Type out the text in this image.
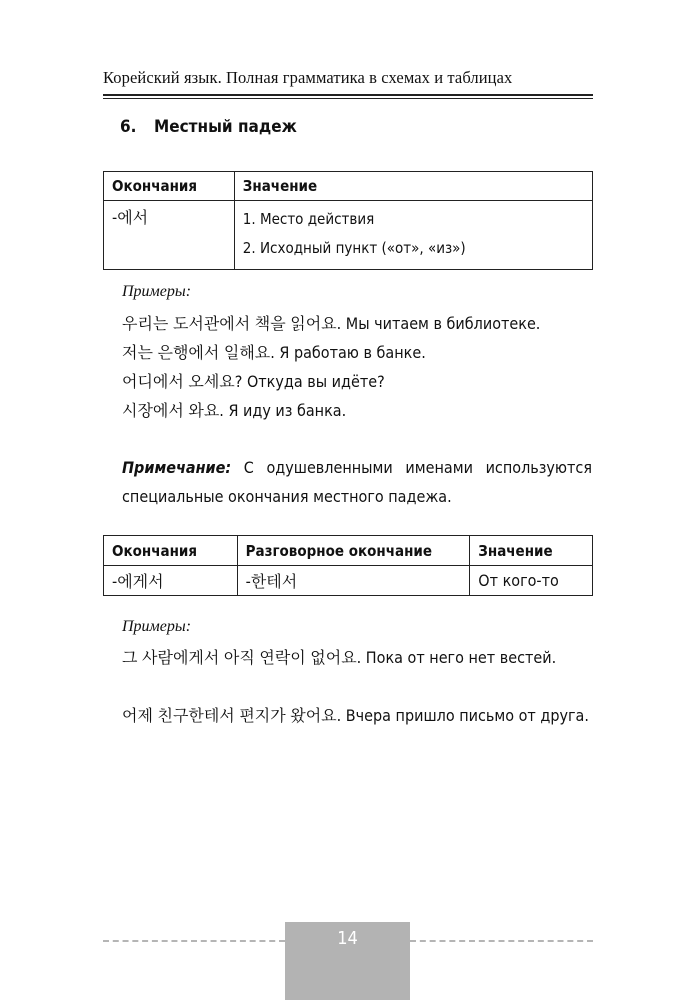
Корейский язык. Полная грамматика в схемах и таблицах
6. Местный падеж
Окончания	Значение
-에서	1. Место действия
2. Исходный пункт («от», «из»)
Примеры:
우리는 도서관에서 책을 읽어요. Мы читаем в библиотеке.
저는 은행에서 일해요. Я работаю в банке.
어디에서 오세요? Откуда вы идёте?
시장에서 와요. Я иду из банка.
Примечание: С одушевленными именами используются специальные окончания местного падежа.
Окончания	Разговорное окончание	Значение
-에게서	-한테서	От кого-то
Примеры:
그 사람에게서 아직 연락이 없어요. Пока от него нет вестей.
어제 친구한테서 편지가 왔어요. Вчера пришло письмо от друга.
14
